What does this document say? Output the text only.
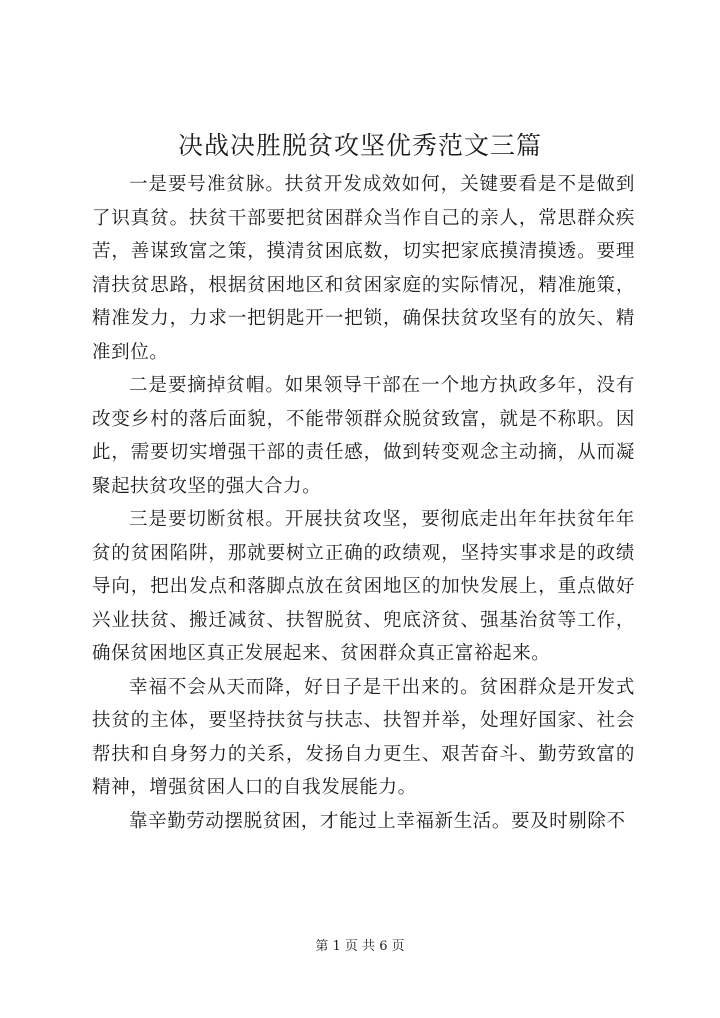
决战决胜脱贫攻坚优秀范文三篇

一是要号准贫脉。扶贫开发成效如何，关键要看是不是做到了识真贫。扶贫干部要把贫困群众当作自己的亲人，常思群众疾苦，善谋致富之策，摸清贫困底数，切实把家底摸清摸透。要理清扶贫思路，根据贫困地区和贫困家庭的实际情况，精准施策，精准发力，力求一把钥匙开一把锁，确保扶贫攻坚有的放矢、精准到位。

二是要摘掉贫帽。如果领导干部在一个地方执政多年，没有改变乡村的落后面貌，不能带领群众脱贫致富，就是不称职。因此，需要切实增强干部的责任感，做到转变观念主动摘，从而凝聚起扶贫攻坚的强大合力。

三是要切断贫根。开展扶贫攻坚，要彻底走出年年扶贫年年贫的贫困陷阱，那就要树立正确的政绩观，坚持实事求是的政绩导向，把出发点和落脚点放在贫困地区的加快发展上，重点做好兴业扶贫、搬迁减贫、扶智脱贫、兜底济贫、强基治贫等工作，确保贫困地区真正发展起来、贫困群众真正富裕起来。

幸福不会从天而降，好日子是干出来的。贫困群众是开发式扶贫的主体，要坚持扶贫与扶志、扶智并举，处理好国家、社会帮扶和自身努力的关系，发扬自力更生、艰苦奋斗、勤劳致富的精神，增强贫困人口的自我发展能力。

靠辛勤劳动摆脱贫困，才能过上幸福新生活。要及时剔除不

第 1 页 共 6 页
